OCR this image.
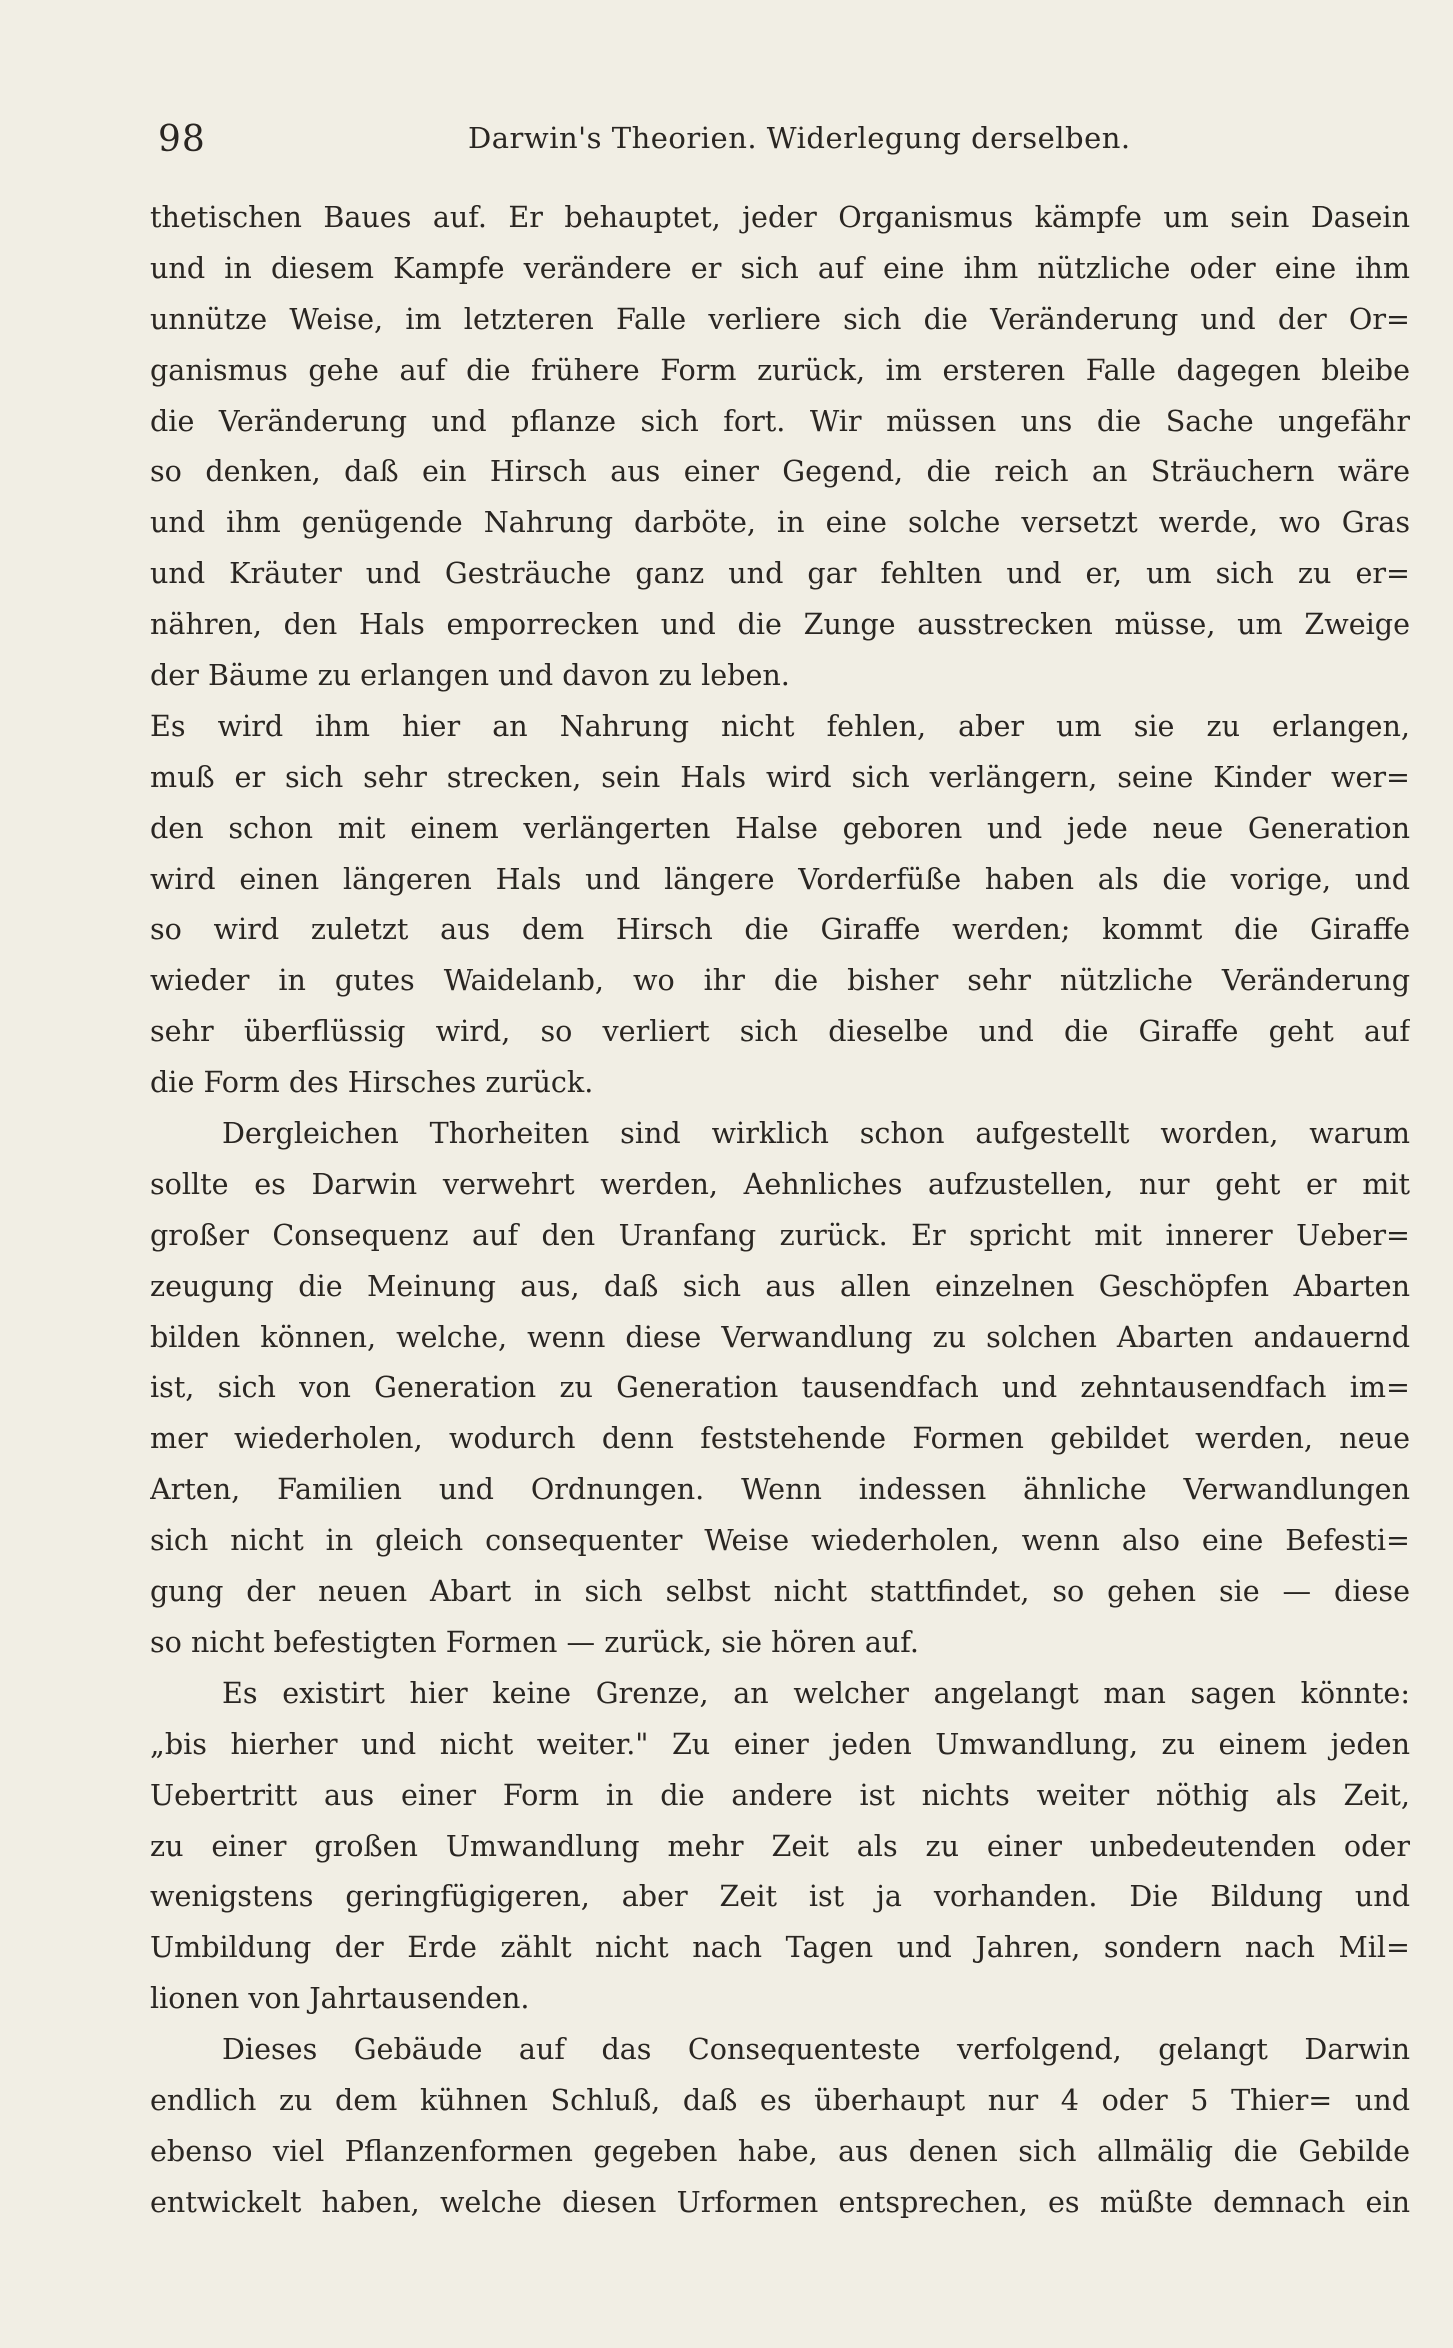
98	Darwin's Theorien. Widerlegung derselben.
thetischen Baues auf. Er behauptet, jeder Organismus kämpfe um sein Dasein
und in diesem Kampfe verändere er sich auf eine ihm nützliche oder eine ihm
unnütze Weise, im letzteren Falle verliere sich die Veränderung und der Or=
ganismus gehe auf die frühere Form zurück, im ersteren Falle dagegen bleibe
die Veränderung und pflanze sich fort. Wir müssen uns die Sache ungefähr
so denken, daß ein Hirsch aus einer Gegend, die reich an Sträuchern wäre
und ihm genügende Nahrung darböte, in eine solche versetzt werde, wo Gras
und Kräuter und Gesträuche ganz und gar fehlten und er, um sich zu er=
nähren, den Hals emporrecken und die Zunge ausstrecken müsse, um Zweige
der Bäume zu erlangen und davon zu leben.
Es wird ihm hier an Nahrung nicht fehlen, aber um sie zu erlangen,
muß er sich sehr strecken, sein Hals wird sich verlängern, seine Kinder wer=
den schon mit einem verlängerten Halse geboren und jede neue Generation
wird einen längeren Hals und längere Vorderfüße haben als die vorige, und
so wird zuletzt aus dem Hirsch die Giraffe werden; kommt die Giraffe
wieder in gutes Waidelanb, wo ihr die bisher sehr nützliche Veränderung
sehr überflüssig wird, so verliert sich dieselbe und die Giraffe geht auf
die Form des Hirsches zurück.
Dergleichen Thorheiten sind wirklich schon aufgestellt worden, warum
sollte es Darwin verwehrt werden, Aehnliches aufzustellen, nur geht er mit
großer Consequenz auf den Uranfang zurück. Er spricht mit innerer Ueber=
zeugung die Meinung aus, daß sich aus allen einzelnen Geschöpfen Abarten
bilden können, welche, wenn diese Verwandlung zu solchen Abarten andauernd
ist, sich von Generation zu Generation tausendfach und zehntausendfach im=
mer wiederholen, wodurch denn feststehende Formen gebildet werden, neue
Arten, Familien und Ordnungen. Wenn indessen ähnliche Verwandlungen
sich nicht in gleich consequenter Weise wiederholen, wenn also eine Befesti=
gung der neuen Abart in sich selbst nicht stattfindet, so gehen sie — diese
so nicht befestigten Formen — zurück, sie hören auf.
Es existirt hier keine Grenze, an welcher angelangt man sagen könnte:
„bis hierher und nicht weiter." Zu einer jeden Umwandlung, zu einem jeden
Uebertritt aus einer Form in die andere ist nichts weiter nöthig als Zeit,
zu einer großen Umwandlung mehr Zeit als zu einer unbedeutenden oder
wenigstens geringfügigeren, aber Zeit ist ja vorhanden. Die Bildung und
Umbildung der Erde zählt nicht nach Tagen und Jahren, sondern nach Mil=
lionen von Jahrtausenden.
Dieses Gebäude auf das Consequenteste verfolgend, gelangt Darwin
endlich zu dem kühnen Schluß, daß es überhaupt nur 4 oder 5 Thier= und
ebenso viel Pflanzenformen gegeben habe, aus denen sich allmälig die Gebilde
entwickelt haben, welche diesen Urformen entsprechen, es müßte demnach ein
